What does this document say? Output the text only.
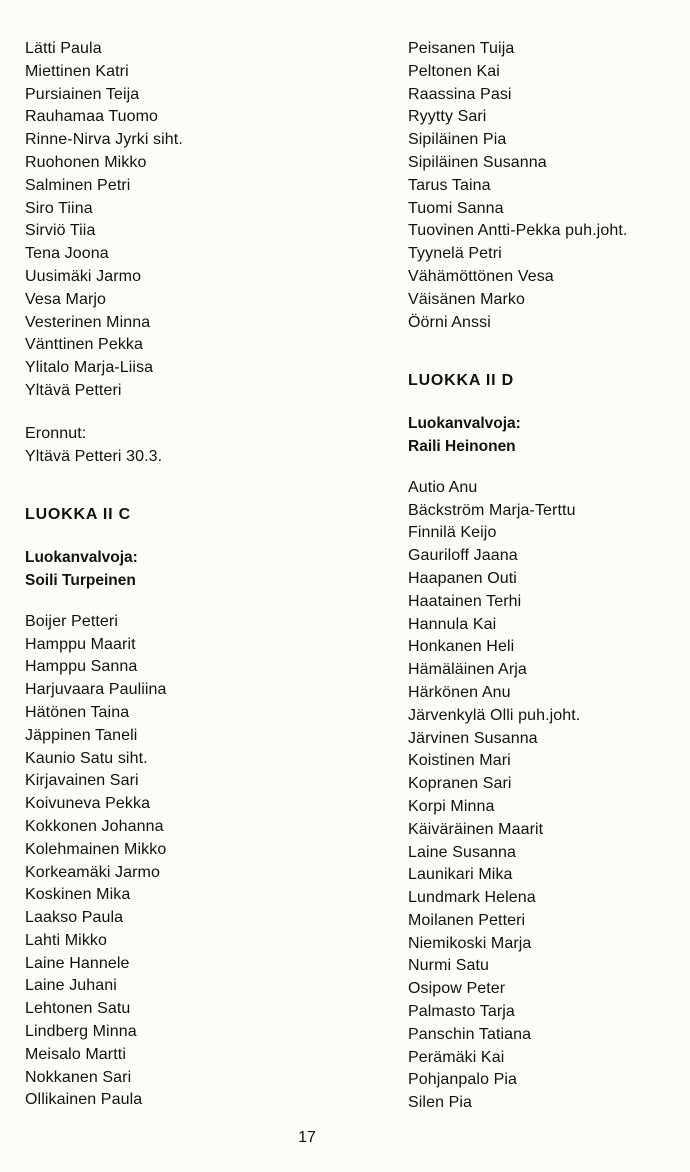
Lätti Paula
Miettinen Katri
Pursiainen Teija
Rauhamaa Tuomo
Rinne-Nirva Jyrki siht.
Ruohonen Mikko
Salminen Petri
Siro Tiina
Sirviö Tiia
Tena Joona
Uusimäki Jarmo
Vesa Marjo
Vesterinen Minna
Vänttinen Pekka
Ylitalo Marja-Liisa
Yltävä Petteri
Eronnut:
Yltävä Petteri 30.3.
LUOKKA II C
Luokanvalvoja:
Soili Turpeinen
Boijer Petteri
Hamppu Maarit
Hamppu Sanna
Harjuvaara Pauliina
Hätönen Taina
Jäppinen Taneli
Kaunio Satu siht.
Kirjavainen Sari
Koivuneva Pekka
Kokkonen Johanna
Kolehmainen Mikko
Korkeamäki Jarmo
Koskinen Mika
Laakso Paula
Lahti Mikko
Laine Hannele
Laine Juhani
Lehtonen Satu
Lindberg Minna
Meisalo Martti
Nokkanen Sari
Ollikainen Paula
Peisanen Tuija
Peltonen Kai
Raassina Pasi
Ryytty Sari
Sipiläinen Pia
Sipiläinen Susanna
Tarus Taina
Tuomi Sanna
Tuovinen Antti-Pekka puh.joht.
Tyynelä Petri
Vähämöttönen Vesa
Väisänen Marko
Öörni Anssi
LUOKKA II D
Luokanvalvoja:
Raili Heinonen
Autio Anu
Bäckström Marja-Terttu
Finnilä Keijo
Gauriloff Jaana
Haapanen Outi
Haatainen Terhi
Hannula Kai
Honkanen Heli
Hämäläinen Arja
Härkönen Anu
Järvenkylä Olli puh.joht.
Järvinen Susanna
Koistinen Mari
Kopranen Sari
Korpi Minna
Käiväräinen Maarit
Laine Susanna
Launikari Mika
Lundmark Helena
Moilanen Petteri
Niemikoski Marja
Nurmi Satu
Osipow Peter
Palmasto Tarja
Panschin Tatiana
Perämäki Kai
Pohjanpalo Pia
Silen Pia
17
